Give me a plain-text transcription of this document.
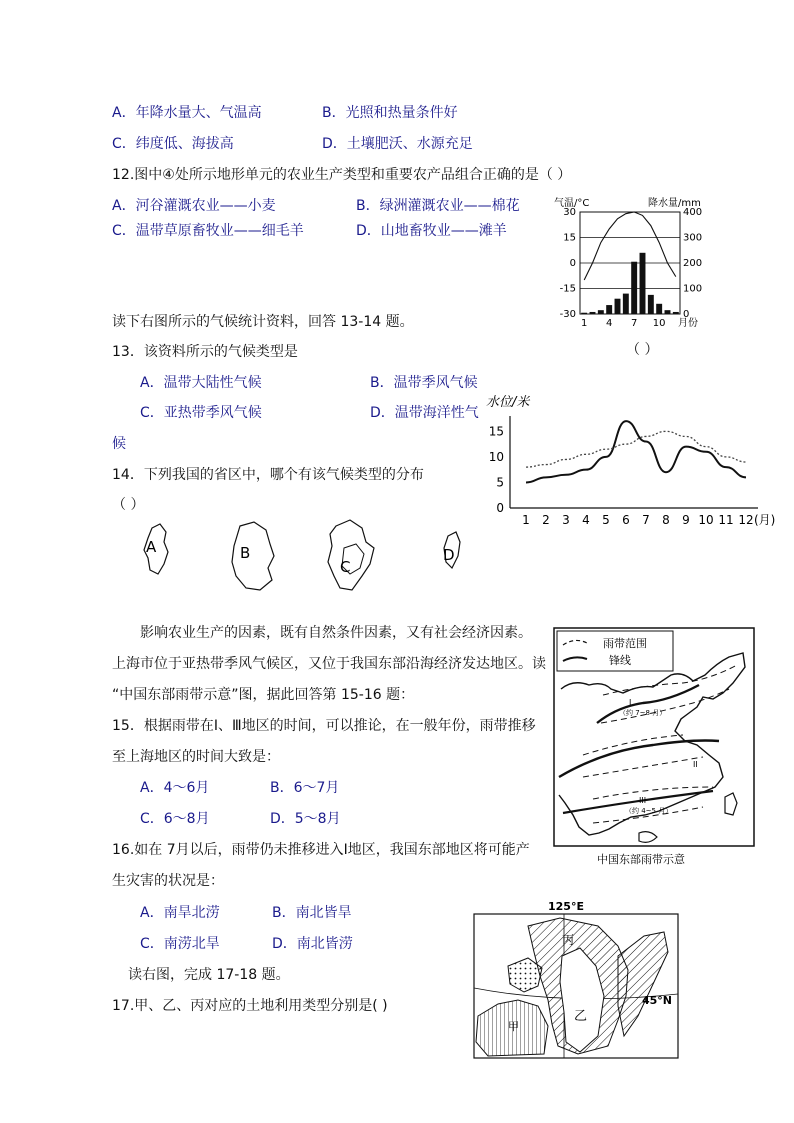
A．年降水量大、气温高	B．光照和热量条件好
C．纬度低、海拔高	D．土壤肥沃、水源充足
12.图中④处所示地形单元的农业生产类型和重要农产品组合正确的是（ ）
A．河谷灌溉农业——小麦	B．绿洲灌溉农业——棉花
C．温带草原畜牧业——细毛羊	D．山地畜牧业——滩羊
气温/°C	降水量/mm
30	400
15	300
0	200
-15	100
-30	0
1 4 7 10 月份
读下右图所示的气候统计资料，回答 13-14 题。
13．该资料所示的气候类型是	（ ）
A．温带大陆性气候	B．温带季风气候
C．亚热带季风气候	D．温带海洋性气
候
14．下列我国的省区中，哪个有该气候类型的分布
（ ）
水位/米
15
10
5
0
1 2 3 4 5 6 7 8 9 10 11 12 (月)
A	B
C
D
影响农业生产的因素，既有自然条件因素，又有社会经济因素。
上海市位于亚热带季风气候区，又位于我国东部沿海经济发达地区。读
“中国东部雨带示意”图，据此回答第 15-16 题：
雨带范围
锋线
I
（约 7~8 月）
II
III
（约 4~5 月）
中国东部雨带示意
15．根据雨带在Ⅰ、Ⅲ地区的时间，可以推论，在一般年份，雨带推移
至上海地区的时间大致是：
A．4～6月	B．6～7月
C．6～8月	D．5～8月
16.如在 7月以后，雨带仍未推移进入Ⅰ地区，我国东部地区将可能产
生灾害的状况是：
A．南旱北涝	B．南北皆旱
C．南涝北旱	D．南北皆涝
读右图，完成 17-18 题。
17.甲、乙、丙对应的土地利用类型分别是( )
125°E
丙
乙
甲
45°N
